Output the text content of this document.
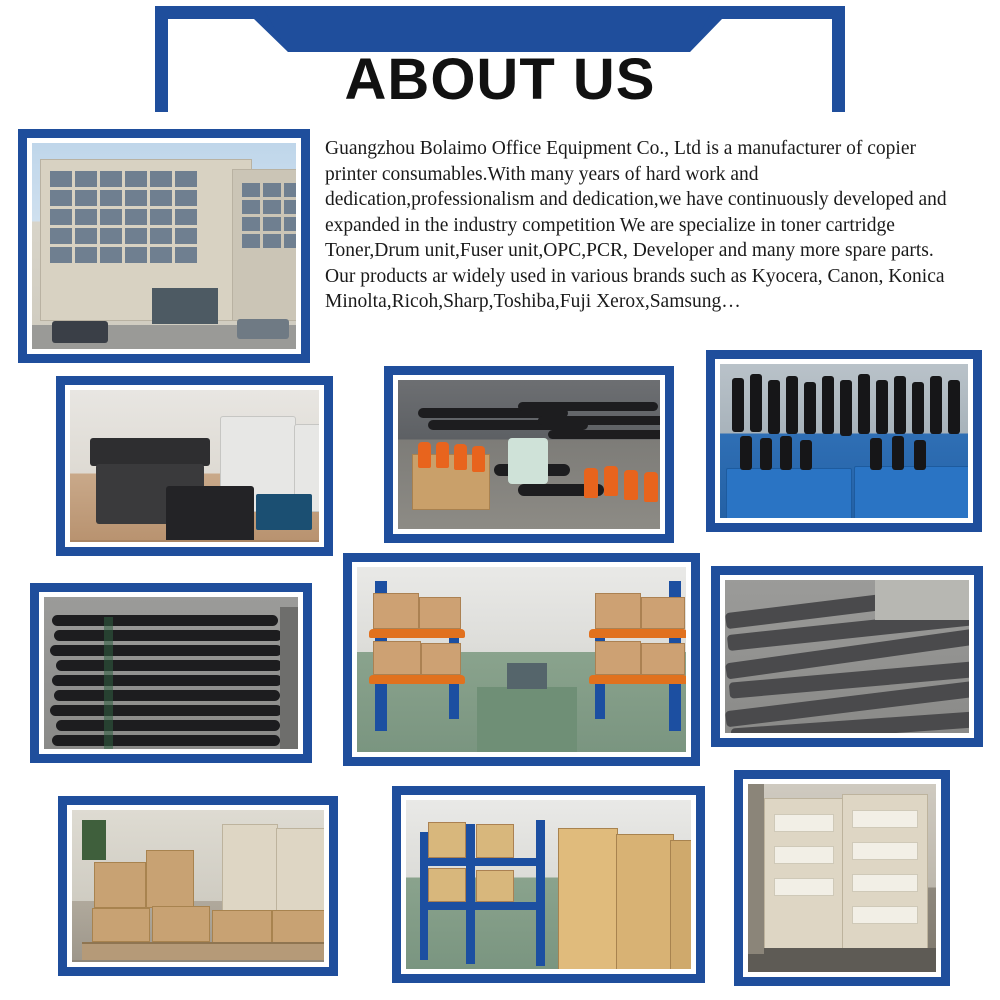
ABOUT US
Guangzhou Bolaimo Office Equipment Co., Ltd is a manufacturer of copier printer consumables.With many years of hard work and dedication,professionalism and dedication,we have continuously developed and expanded in the industry competition We are specialize in toner cartridge Toner,Drum unit,Fuser unit,OPC,PCR, Developer and many more spare parts. Our products ar widely used in various brands such as Kyocera, Canon, Konica Minolta,Ricoh,Sharp,Toshiba,Fuji Xerox,Samsung…
